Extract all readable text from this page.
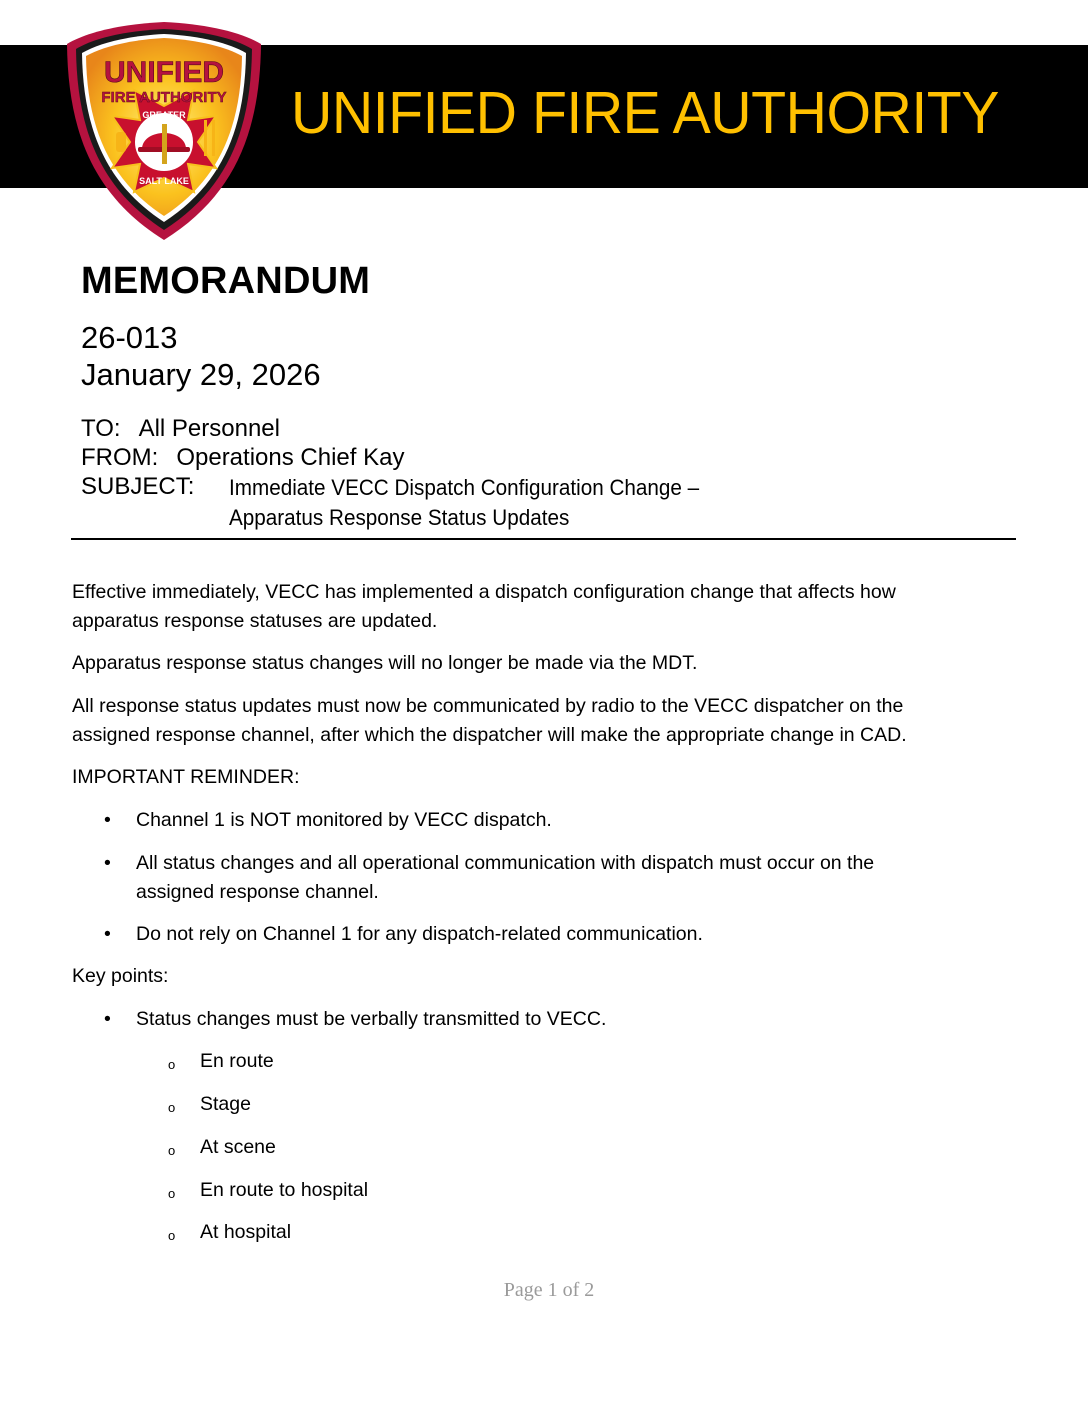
UNIFIED FIRE AUTHORITY
UNIFIED
FIRE AUTHORITY
GREATER
SALT LAKE
MEMORANDUM
26-013
January 29, 2026
TO: All Personnel
FROM: Operations Chief Kay
SUBJECT: Immediate VECC Dispatch Configuration Change –
Apparatus Response Status Updates
Effective immediately, VECC has implemented a dispatch configuration change that affects how
apparatus response statuses are updated.
Apparatus response status changes will no longer be made via the MDT.
All response status updates must now be communicated by radio to the VECC dispatcher on the
assigned response channel, after which the dispatcher will make the appropriate change in CAD.
IMPORTANT REMINDER:
• Channel 1 is NOT monitored by VECC dispatch.
• All status changes and all operational communication with dispatch must occur on the
assigned response channel.
• Do not rely on Channel 1 for any dispatch-related communication.
Key points:
• Status changes must be verbally transmitted to VECC.
o En route
o Stage
o At scene
o En route to hospital
o At hospital
Page 1 of 2
